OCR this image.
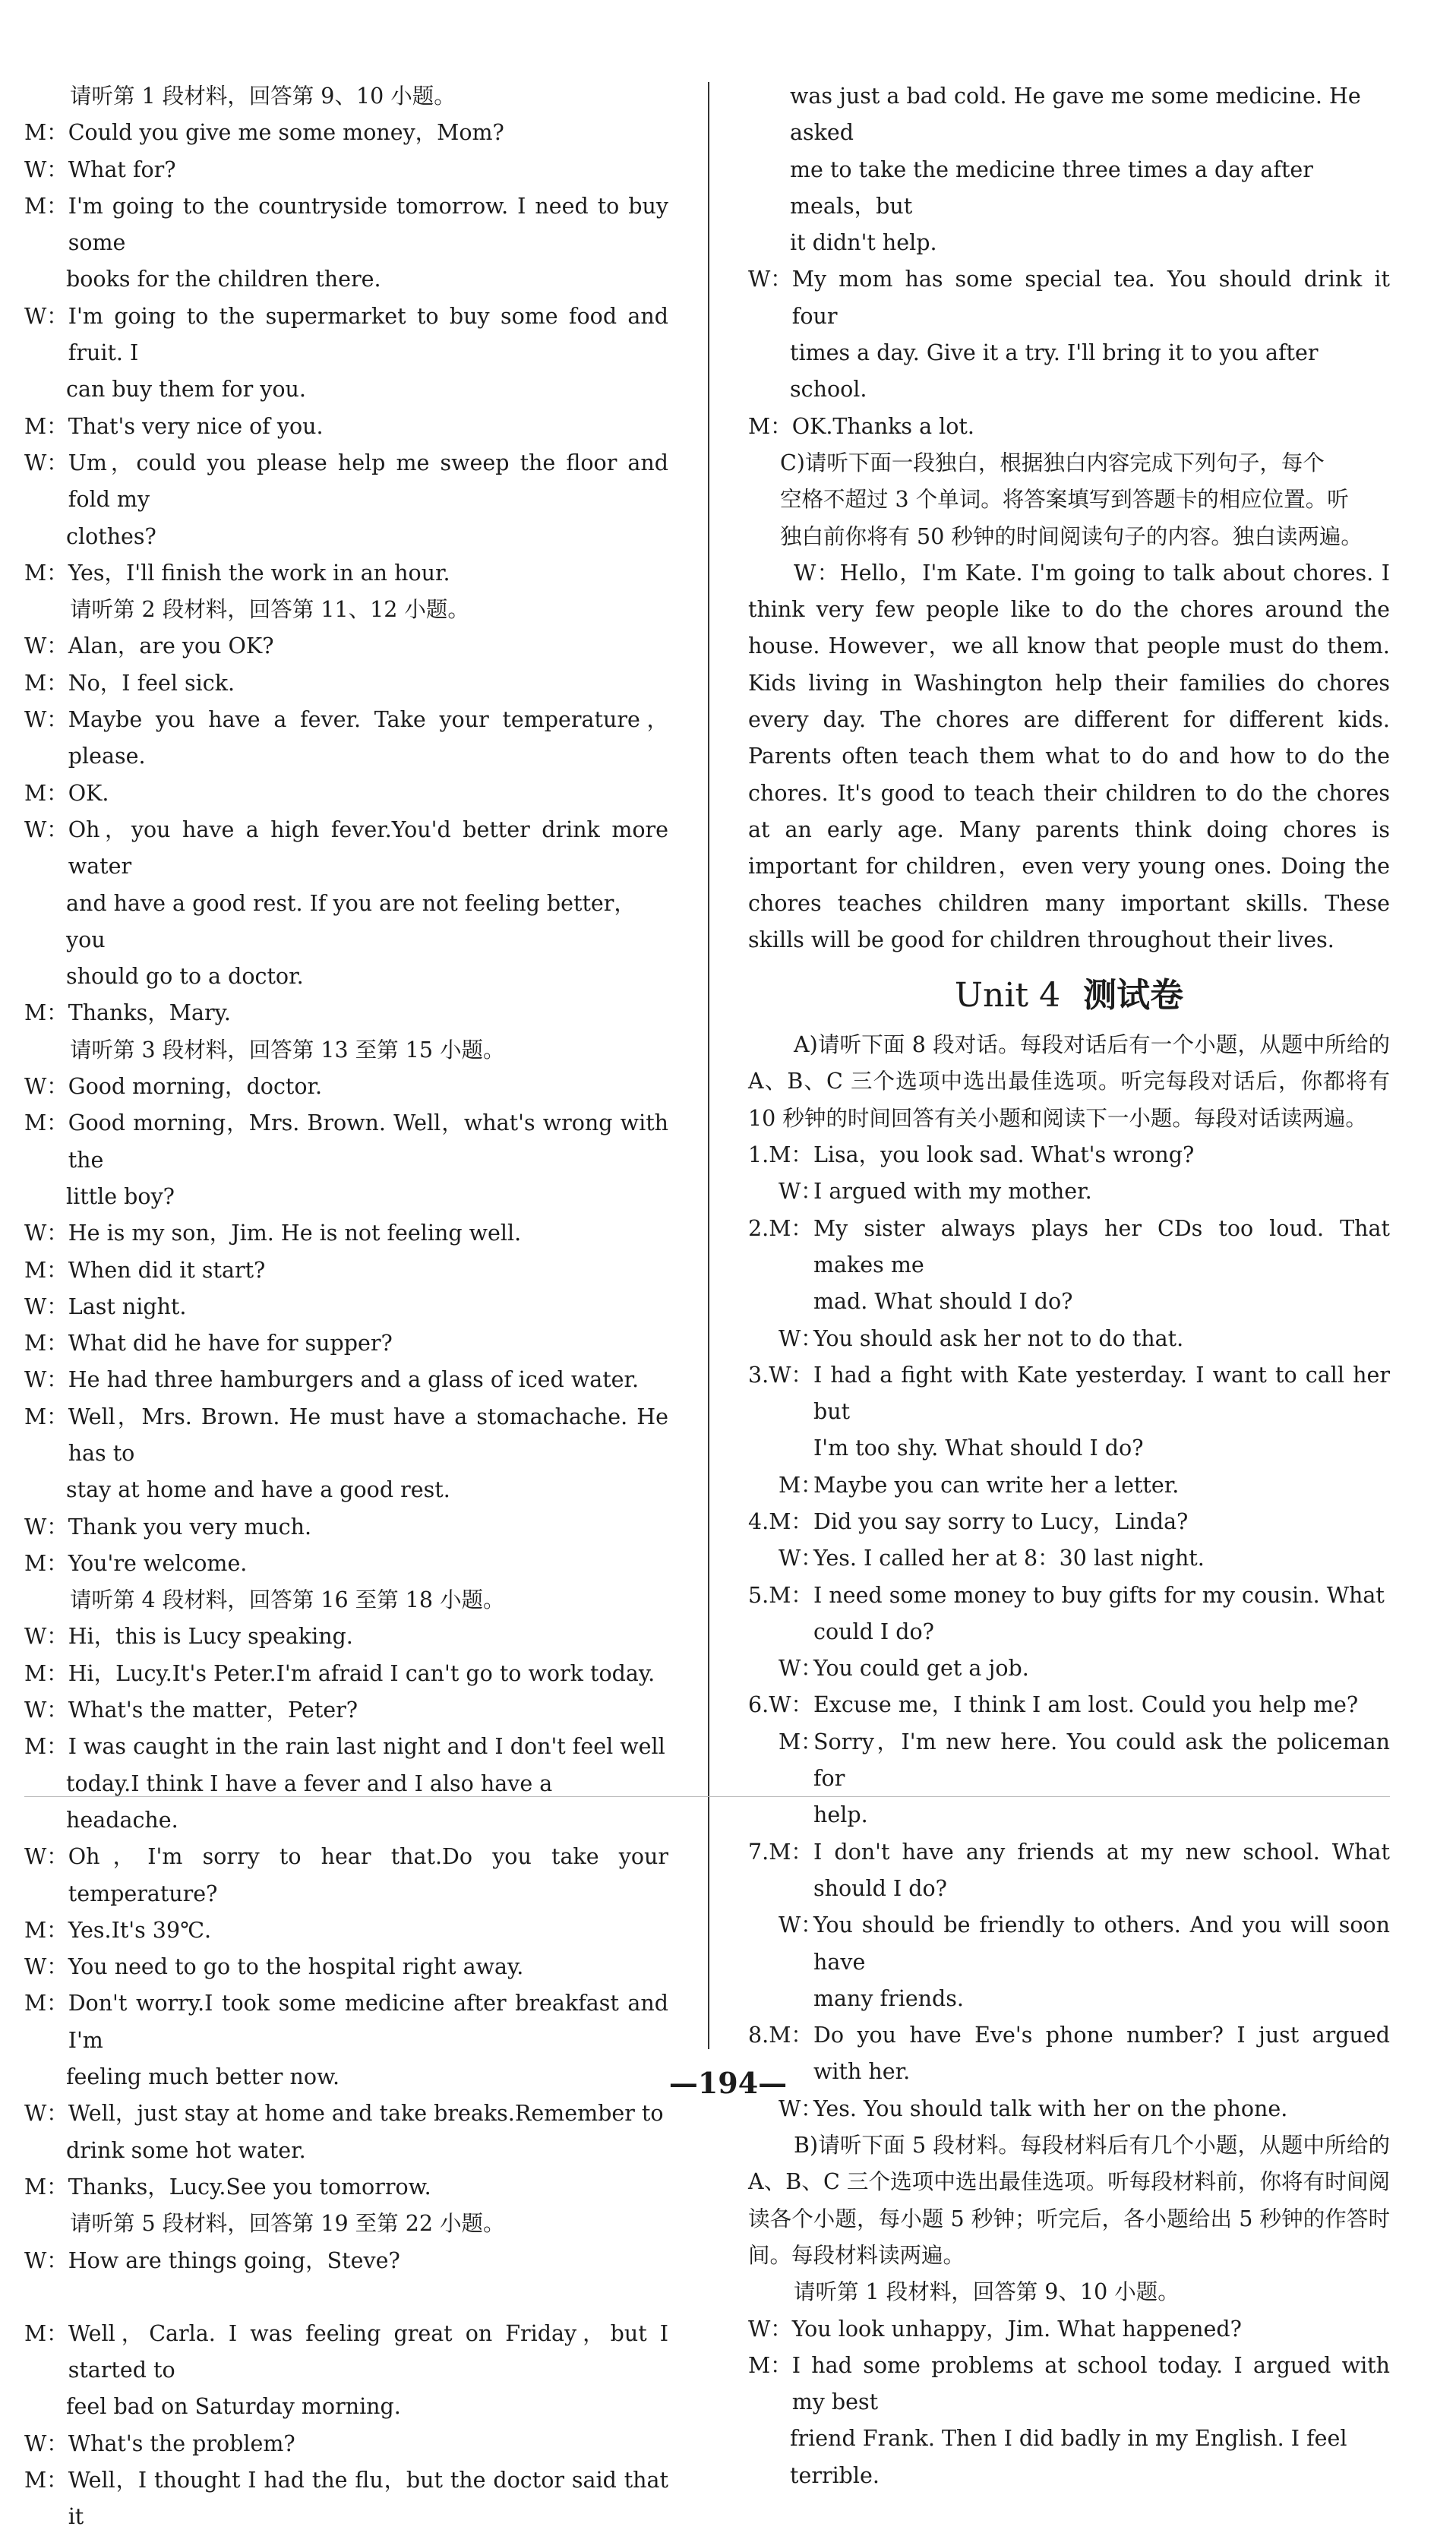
请听第 1 段材料，回答第 9、10 小题。
M： Could you give me some money，Mom?
W： What for?
M： I'm going to the countryside tomorrow. I need to buy some
books for the children there.
W： I'm going to the supermarket to buy some food and fruit. I
can buy them for you.
M： That's very nice of you.
W： Um，could you please help me sweep the floor and fold my
clothes?
M： Yes，I'll finish the work in an hour.
请听第 2 段材料，回答第 11、12 小题。
W： Alan，are you OK?
M： No，I feel sick.
W： Maybe you have a fever. Take your temperature，please.
M： OK.
W： Oh，you have a high fever.You'd better drink more water
and have a good rest. If you are not feeling better，you
should go to a doctor.
M： Thanks，Mary.
请听第 3 段材料，回答第 13 至第 15 小题。
W： Good morning，doctor.
M： Good morning，Mrs. Brown. Well，what's wrong with the
little boy?
W： He is my son，Jim. He is not feeling well.
M： When did it start?
W： Last night.
M： What did he have for supper?
W： He had three hamburgers and a glass of iced water.
M： Well，Mrs. Brown. He must have a stomachache. He has to
stay at home and have a good rest.
W： Thank you very much.
M： You're welcome.
请听第 4 段材料，回答第 16 至第 18 小题。
W： Hi，this is Lucy speaking.
M： Hi，Lucy.It's Peter.I'm afraid I can't go to work today.
W： What's the matter，Peter?
M： I was caught in the rain last night and I don't feel well
today.I think I have a fever and I also have a headache.
W： Oh，I'm sorry to hear that.Do you take your temperature?
M： Yes.It's 39℃.
W： You need to go to the hospital right away.
M： Don't worry.I took some medicine after breakfast and I'm
feeling much better now.
W： Well，just stay at home and take breaks.Remember to
drink some hot water.
M： Thanks，Lucy.See you tomorrow.
请听第 5 段材料，回答第 19 至第 22 小题。
W： How are things going，Steve?
M： Well，Carla. I was feeling great on Friday，but I started to
feel bad on Saturday morning.
W： What's the problem?
M： Well，I thought I had the flu，but the doctor said that it
was just a bad cold. He gave me some medicine. He asked
me to take the medicine three times a day after meals，but
it didn't help.
W： My mom has some special tea. You should drink it four
times a day. Give it a try. I'll bring it to you after school.
M： OK.Thanks a lot.
C)请听下面一段独白，根据独白内容完成下列句子，每个
空格不超过 3 个单词。将答案填写到答题卡的相应位置。听
独白前你将有 50 秒钟的时间阅读句子的内容。独白读两遍。
W：Hello，I'm Kate. I'm going to talk about chores. I think very few people like to do the chores around the house. However，we all know that people must do them. Kids living in Washington help their families do chores every day. The chores are different for different kids. Parents often teach them what to do and how to do the chores. It's good to teach their children to do the chores at an early age. Many parents think doing chores is important for children，even very young ones. Doing the chores teaches children many important skills. These skills will be good for children throughout their lives.
Unit 4 测试卷
A)请听下面 8 段对话。每段对话后有一个小题，从题中所给的 A、B、C 三个选项中选出最佳选项。听完每段对话后，你都将有 10 秒钟的时间回答有关小题和阅读下一小题。每段对话读两遍。
1.M： Lisa，you look sad. What's wrong?
W：
I argued with my mother.
2.M： My sister always plays her CDs too loud. That makes me
mad. What should I do?
W：
You should ask her not to do that.
3.W： I had a fight with Kate yesterday. I want to call her but
I'm too shy. What should I do?
M：
Maybe you can write her a letter.
4.M： Did you say sorry to Lucy，Linda?
W：
Yes. I called her at 8：30 last night.
5.M： I need some money to buy gifts for my cousin. What
could I do?
W：
You could get a job.
6.W： Excuse me，I think I am lost. Could you help me?
M：
Sorry，I'm new here. You could ask the policeman for
help.
7.M： I don't have any friends at my new school. What should I do?
W：
You should be friendly to others. And you will soon have
many friends.
8.M： Do you have Eve's phone number? I just argued with her.
W：
Yes. You should talk with her on the phone.
B)请听下面 5 段材料。每段材料后有几个小题，从题中所给的 A、B、C 三个选项中选出最佳选项。听每段材料前，你将有时间阅读各个小题，每小题 5 秒钟；听完后，各小题给出 5 秒钟的作答时间。每段材料读两遍。
请听第 1 段材料，回答第 9、10 小题。
W： You look unhappy，Jim. What happened?
M： I had some problems at school today. I argued with my best
friend Frank. Then I did badly in my English. I feel terrible.
—194—
